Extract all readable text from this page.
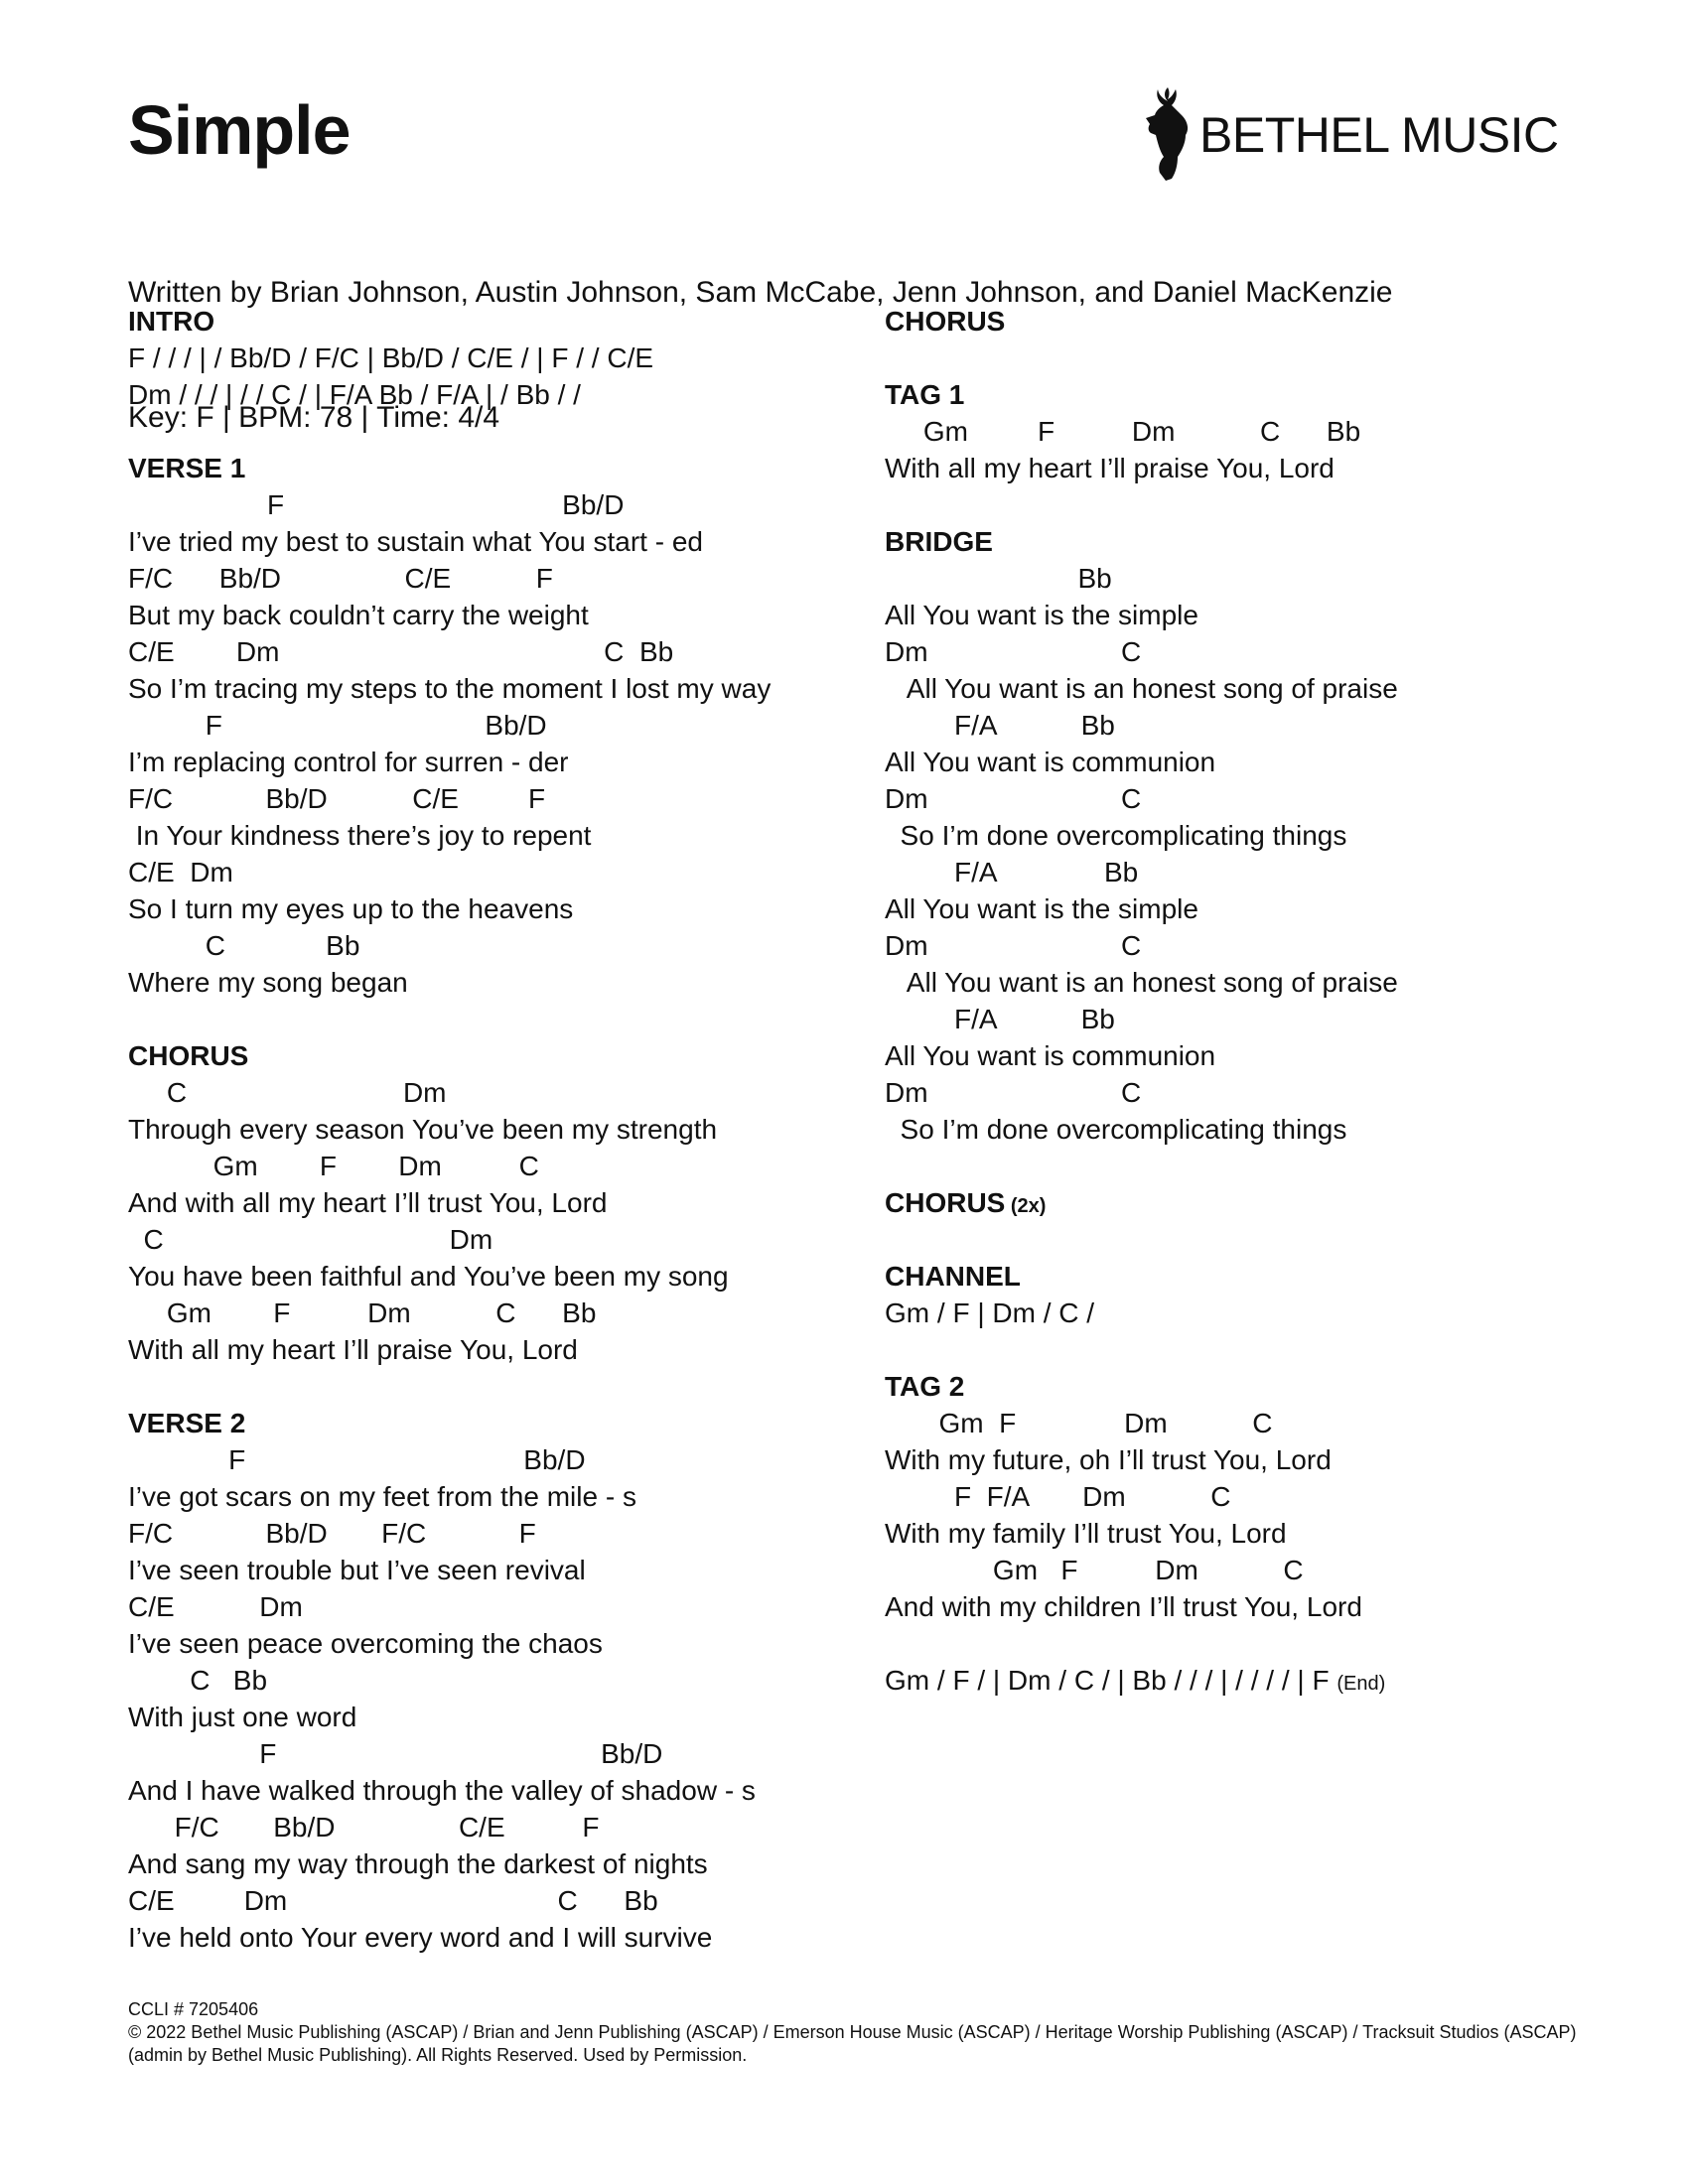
Simple	BETHEL MUSIC

Written by Brian Johnson, Austin Johnson, Sam McCabe, Jenn Johnson, and Daniel MacKenzie

Key: F | BPM: 78 | Time: 4/4

INTRO
F / / / | / Bb/D / F/C | Bb/D / C/E / | F / / C/E
Dm / / / | / / C / | F/A Bb / F/A | / Bb / /
VERSE 1
F                                    Bb/D
I’ve tried my best to sustain what You start - ed
F/C      Bb/D                C/E           F
But my back couldn’t carry the weight
C/E        Dm                                          C  Bb
So I’m tracing my steps to the moment I lost my way
F                                  Bb/D
I’m replacing control for surren - der
F/C            Bb/D           C/E         F
In Your kindness there’s joy to repent
C/E  Dm
So I turn my eyes up to the heavens
C             Bb
Where my song began
CHORUS
C                            Dm
Through every season You’ve been my strength
Gm        F        Dm          C
And with all my heart I’ll trust You, Lord
C                                     Dm
You have been faithful and You’ve been my song
Gm        F          Dm           C      Bb
With all my heart I’ll praise You, Lord
VERSE 2
F                                    Bb/D
I’ve got scars on my feet from the mile - s
F/C            Bb/D       F/C            F
I’ve seen trouble but I’ve seen revival
C/E           Dm
I’ve seen peace overcoming the chaos
C   Bb
With just one word
F                                          Bb/D
And I have walked through the valley of shadow - s
F/C       Bb/D                C/E          F
And sang my way through the darkest of nights
C/E         Dm                                   C      Bb
I’ve held onto Your every word and I will survive
CHORUS
TAG 1
Gm         F          Dm           C      Bb
With all my heart I’ll praise You, Lord
BRIDGE
Bb
All You want is the simple
Dm                         C
All You want is an honest song of praise
F/A           Bb
All You want is communion
Dm                         C
So I’m done overcomplicating things
F/A              Bb
All You want is the simple
Dm                         C
All You want is an honest song of praise
F/A           Bb
All You want is communion
Dm                         C
So I’m done overcomplicating things
CHORUS (2x)
CHANNEL
Gm / F | Dm / C /
TAG 2
Gm  F              Dm           C
With my future, oh I’ll trust You, Lord
F  F/A       Dm           C
With my family I’ll trust You, Lord
Gm   F          Dm           C
And with my children I’ll trust You, Lord
Gm / F / | Dm / C / | Bb / / / | / / / / | F (End)
CCLI # 7205406
© 2022 Bethel Music Publishing (ASCAP) / Brian and Jenn Publishing (ASCAP) / Emerson House Music (ASCAP) / Heritage Worship Publishing (ASCAP) / Tracksuit Studios (ASCAP) (admin by Bethel Music Publishing). All Rights Reserved. Used by Permission.
